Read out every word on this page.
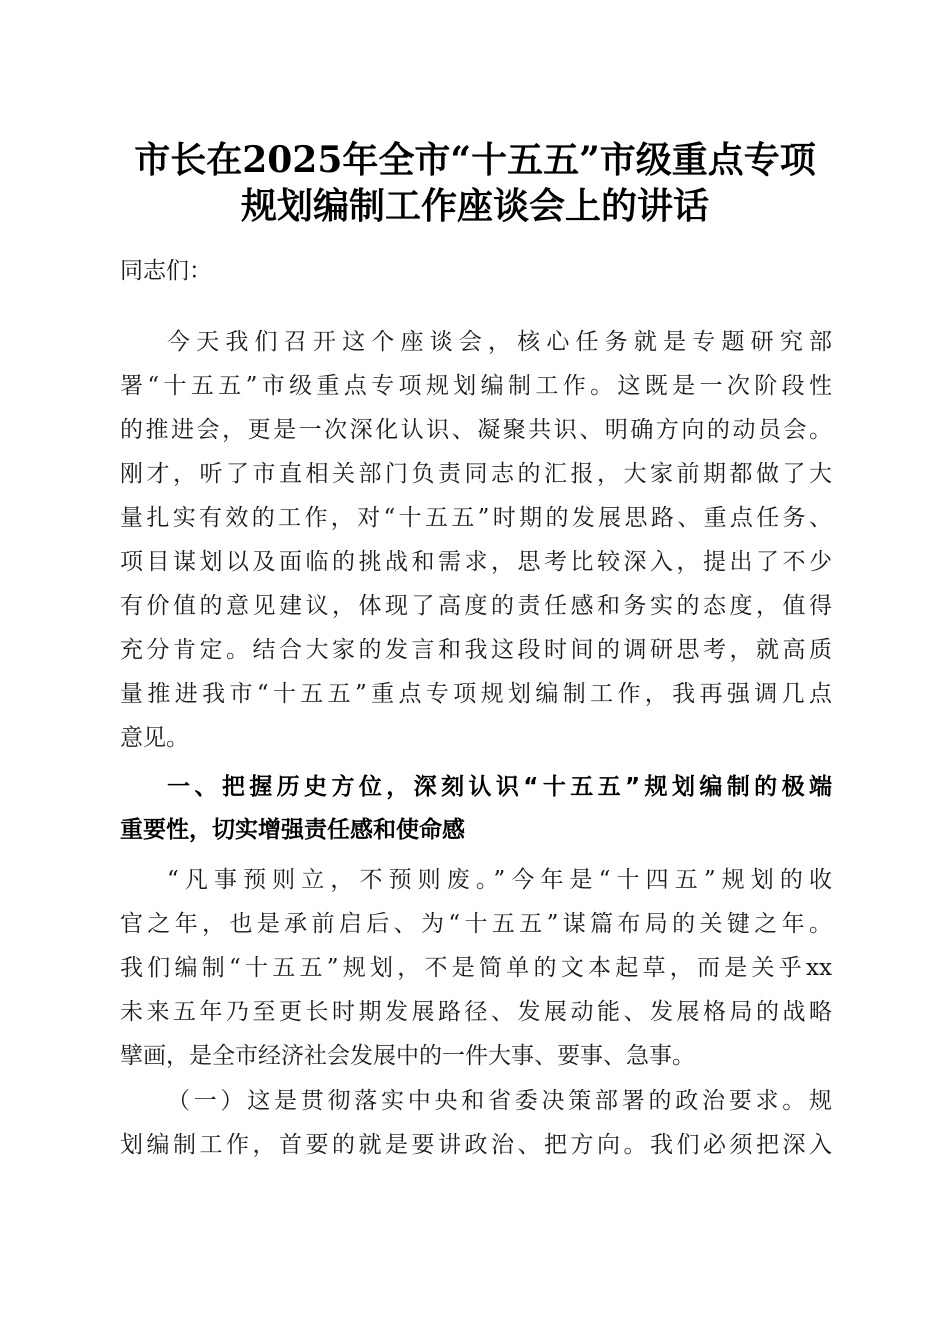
市长在2025年全市“十五五”市级重点专项
规划编制工作座谈会上的讲话
同志们：
今天我们召开这个座谈会，核心任务就是专题研究部
署“十五五”市级重点专项规划编制工作。这既是一次阶段性
的推进会，更是一次深化认识、凝聚共识、明确方向的动员会。
刚才，听了市直相关部门负责同志的汇报，大家前期都做了大
量扎实有效的工作，对“十五五”时期的发展思路、重点任务、
项目谋划以及面临的挑战和需求，思考比较深入，提出了不少
有价值的意见建议，体现了高度的责任感和务实的态度，值得
充分肯定。结合大家的发言和我这段时间的调研思考，就高质
量推进我市“十五五”重点专项规划编制工作，我再强调几点
意见。
一、把握历史方位，深刻认识“十五五”规划编制的极端
重要性，切实增强责任感和使命感
“凡事预则立，不预则废。”今年是“十四五”规划的收
官之年，也是承前启后、为“十五五”谋篇布局的关键之年。
我们编制“十五五”规划，不是简单的文本起草，而是关乎xx
未来五年乃至更长时期发展路径、发展动能、发展格局的战略
擘画，是全市经济社会发展中的一件大事、要事、急事。
（一）这是贯彻落实中央和省委决策部署的政治要求。规
划编制工作，首要的就是要讲政治、把方向。我们必须把深入
